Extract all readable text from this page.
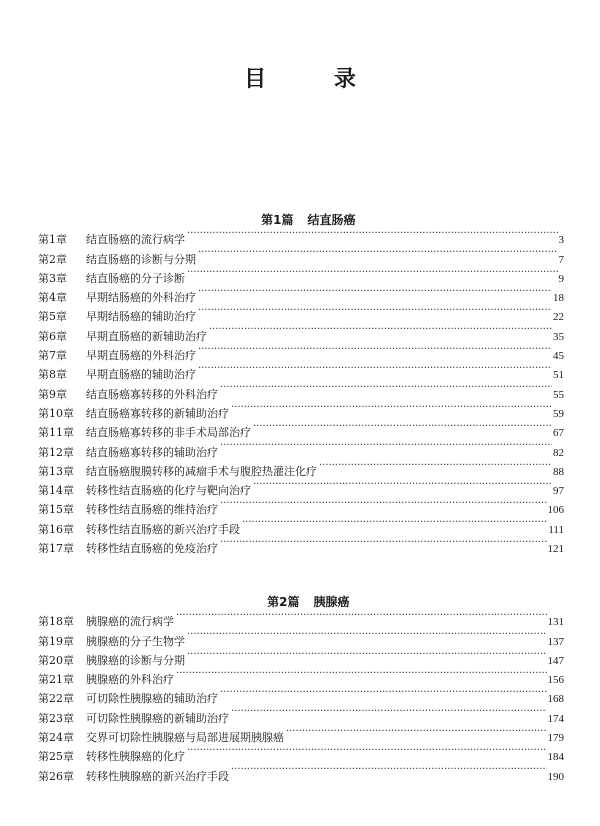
目 录

第1篇 结直肠癌

第1章	结直肠癌的流行病学 ·····	3
第2章	结直肠癌的诊断与分期 ·····	7
第3章	结直肠癌的分子诊断 ·····	9
第4章	早期结肠癌的外科治疗 ·····	18
第5章	早期结肠癌的辅助治疗 ·····	22
第6章	早期直肠癌的新辅助治疗 ·····	35
第7章	早期直肠癌的外科治疗 ·····	45
第8章	早期直肠癌的辅助治疗 ·····	51
第9章	结直肠癌寡转移的外科治疗 ·····	55
第10章	结直肠癌寡转移的新辅助治疗 ·····	59
第11章	结直肠癌寡转移的非手术局部治疗 ·····	67
第12章	结直肠癌寡转移的辅助治疗 ·····	82
第13章	结直肠癌腹膜转移的减瘤手术与腹腔热灌注化疗 ·····	88
第14章	转移性结直肠癌的化疗与靶向治疗 ·····	97
第15章	转移性结直肠癌的维持治疗 ·····	106
第16章	转移性结直肠癌的新兴治疗手段 ·····	111
第17章	转移性结直肠癌的免疫治疗 ·····	121

第2篇 胰腺癌

第18章	胰腺癌的流行病学 ·····	131
第19章	胰腺癌的分子生物学 ·····	137
第20章	胰腺癌的诊断与分期 ·····	147
第21章	胰腺癌的外科治疗 ·····	156
第22章	可切除性胰腺癌的辅助治疗 ·····	168
第23章	可切除性胰腺癌的新辅助治疗 ·····	174
第24章	交界可切除性胰腺癌与局部进展期胰腺癌 ·····	179
第25章	转移性胰腺癌的化疗 ·····	184
第26章	转移性胰腺癌的新兴治疗手段 ·····	190
